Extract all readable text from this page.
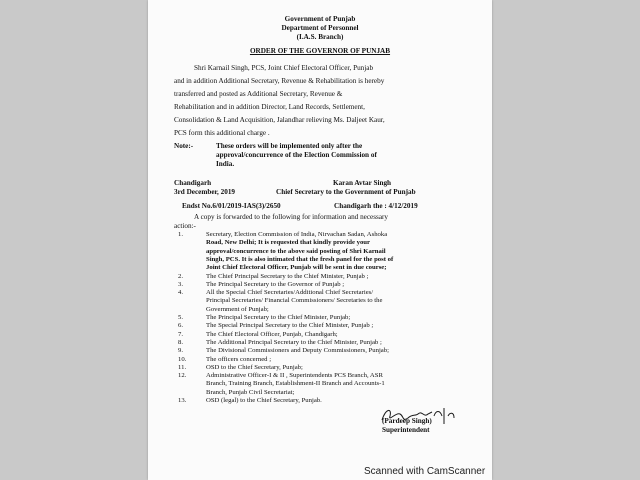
Government of Punjab
Department of Personnel
(I.A.S. Branch)
ORDER OF THE GOVERNOR OF PUNJAB
Shri Karnail Singh, PCS, Joint Chief Electoral Officer, Punjab
and in addition Additional Secretary, Revenue & Rehabilitation is hereby
transferred and posted as Additional Secretary, Revenue &
Rehabilitation and in addition Director, Land Records, Settlement,
Consolidation & Land Acquisition, Jalandhar relieving Ms. Daljeet Kaur,
PCS form this additional charge .
Note:-	These orders will be implemented only after the
approval/concurrence of the Election Commission of
India.
Chandigarh
3rd December, 2019
Karan Avtar Singh
Chief Secretary to the Government of Punjab
Endst No.6/01/2019-IAS(3)/2650	Chandigarh the : 4/12/2019
A copy is forwarded to the following for information and necessary
action:-
1.	Secretary, Election Commission of India, Nirvachan Sadan, Ashoka
Road, New Delhi; It is requested that kindly provide your
approval/concurrence to the above said posting of Shri Karnail
Singh, PCS. It is also intimated that the fresh panel for the post of
Joint Chief Electoral Officer, Punjab will be sent in due course;
2.	The Chief Principal Secretary to the Chief Minister, Punjab ;
3.	The Principal Secretary to the Governor of Punjab ;
4.	All the Special Chief Secretaries/Additional Chief Secretaries/
Principal Secretaries/ Financial Commissioners/ Secretaries to the
Government of Punjab;
5.	The Principal Secretary to the Chief Minister, Punjab;
6.	The Special Principal Secretary to the Chief Minister, Punjab ;
7.	The Chief Electoral Officer, Punjab, Chandigarh;
8.	The Additional Principal Secretary to the Chief Minister, Punjab ;
9.	The Divisional Commissioners and Deputy Commissioners, Punjab;
10.	The officers concerned ;
11.	OSD to the Chief Secretary, Punjab;
12.	Administrative Officer-I & II , Superintendents PCS Branch, ASR
Branch, Training Branch, Establishment-II Branch and Accounts-1
Branch, Punjab Civil Secretariat;
13.	OSD (legal) to the Chief Secretary, Punjab.
(Pardeep Singh)
Superintendent
Scanned with CamScanner
